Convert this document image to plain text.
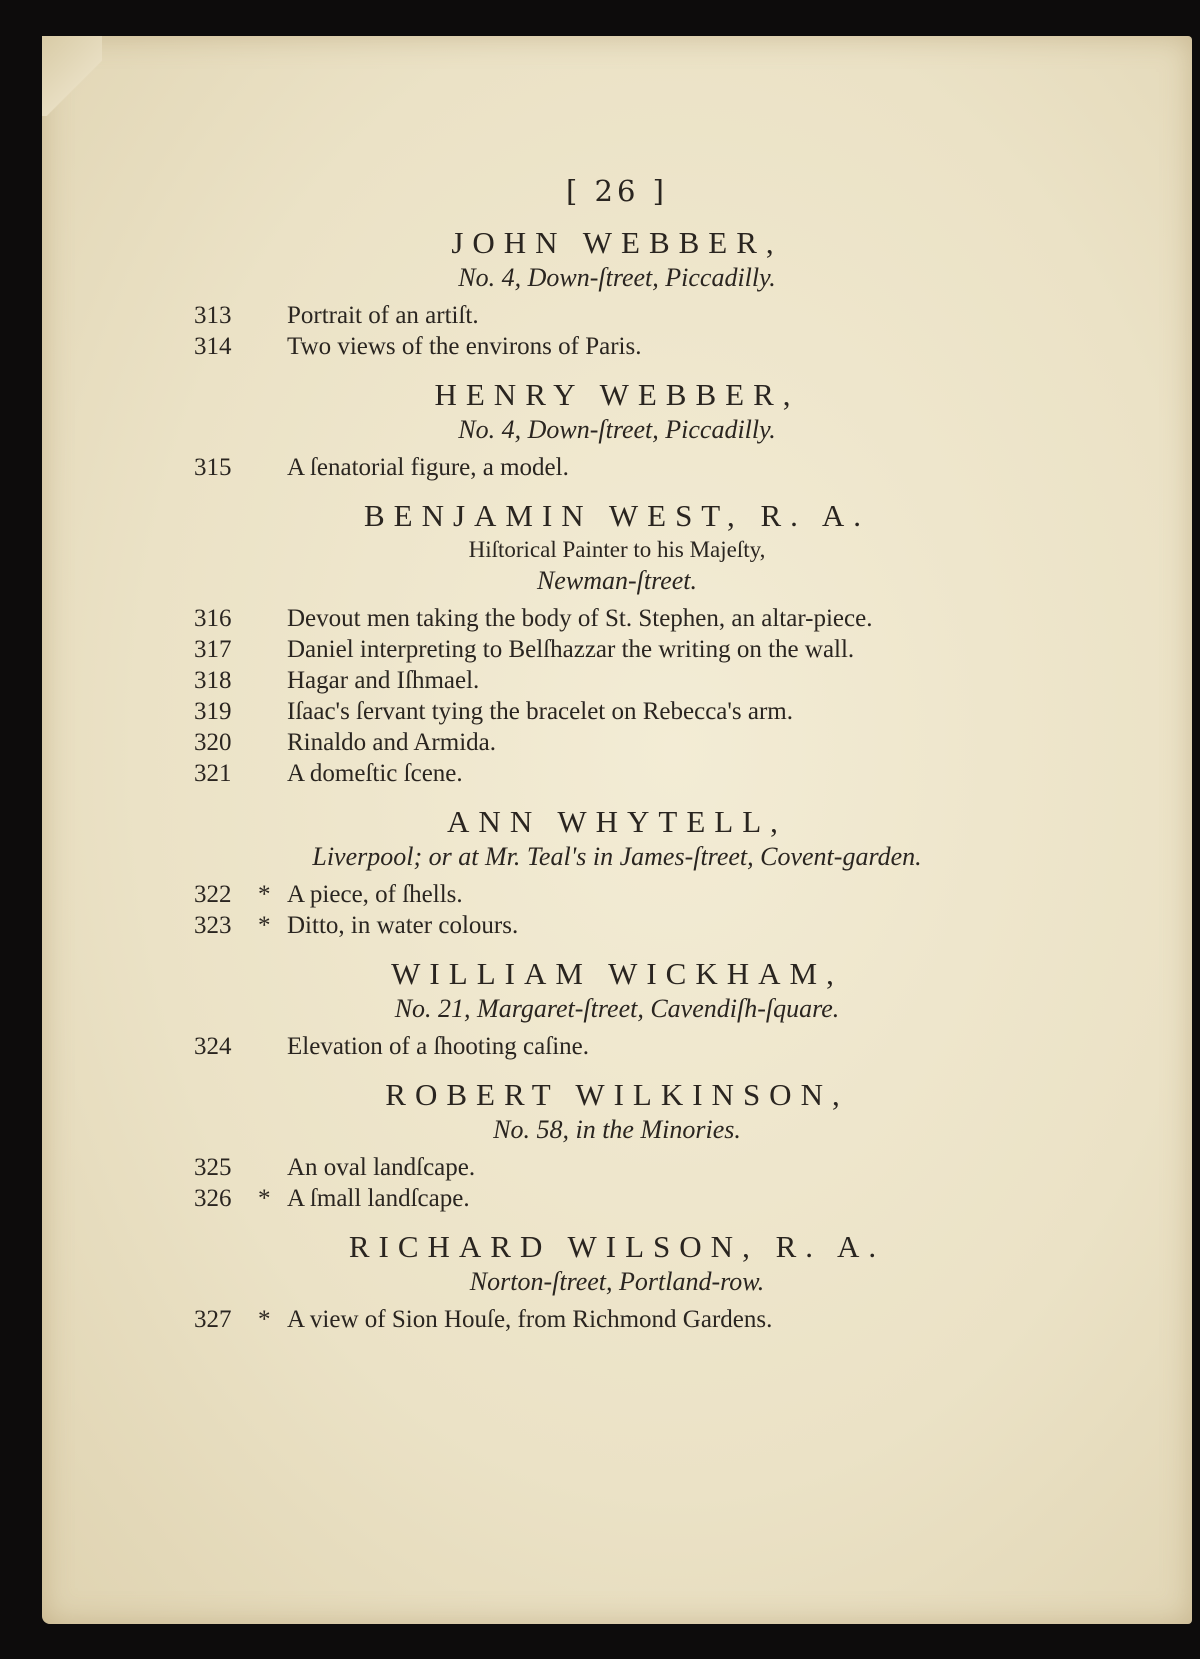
[ 26 ]
JOHN WEBBER,
No. 4, Down-ſtreet, Piccadilly.
313 Portrait of an artiſt.
314 Two views of the environs of Paris.
HENRY WEBBER,
No. 4, Down-ſtreet, Piccadilly.
315 A ſenatorial figure, a model.
BENJAMIN WEST, R. A.
Hiſtorical Painter to his Majeſty,
Newman-ſtreet.
316 Devout men taking the body of St. Stephen, an altar-piece.
317 Daniel interpreting to Belſhazzar the writing on the wall.
318 Hagar and Iſhmael.
319 Iſaac's ſervant tying the bracelet on Rebecca's arm.
320 Rinaldo and Armida.
321 A domeſtic ſcene.
ANN WHYTELL,
Liverpool; or at Mr. Teal's in James-ſtreet, Covent-garden.
322 * A piece, of ſhells.
323 * Ditto, in water colours.
WILLIAM WICKHAM,
No. 21, Margaret-ſtreet, Cavendiſh-ſquare.
324 Elevation of a ſhooting caſine.
ROBERT WILKINSON,
No. 58, in the Minories.
325 An oval landſcape.
326 * A ſmall landſcape.
RICHARD WILSON, R. A.
Norton-ſtreet, Portland-row.
327 * A view of Sion Houſe, from Richmond Gardens.
